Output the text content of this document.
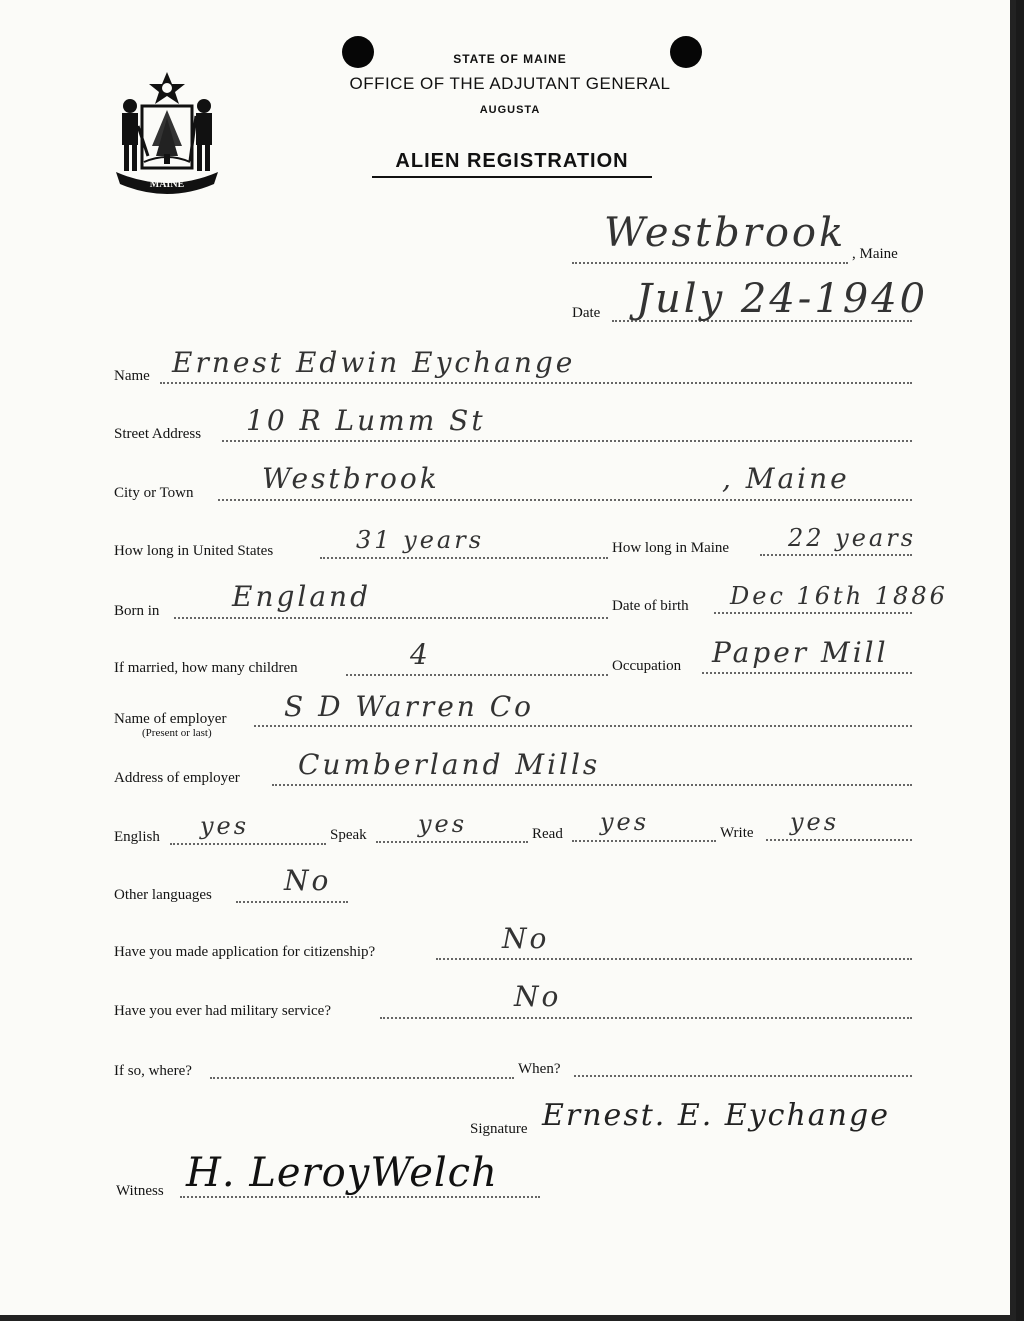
MAINE
STATE OF MAINE
OFFICE OF THE ADJUTANT GENERAL
AUGUSTA
ALIEN REGISTRATION
Westbrook , Maine
Date July 24-1940
Name Ernest Edwin Eychange
Street Address 10 R Lumm St
City or Town Westbrook	, Maine
How long in United States	31 years	How long in Maine 22 years
Born in	England	Date of birth Dec 16th 1886
If married, how many children	4	Occupation Paper Mill
Name of employer
(Present or last)
S D Warren Co
Address of employer Cumberland Mills
English yes	Speak yes	Read yes	Write yes
Other languages	No
Have you made application for citizenship?	No
Have you ever had military service?	No
If so, where?	When?
Signature Ernest. E. Eychange
Witness H. LeroyWelch
